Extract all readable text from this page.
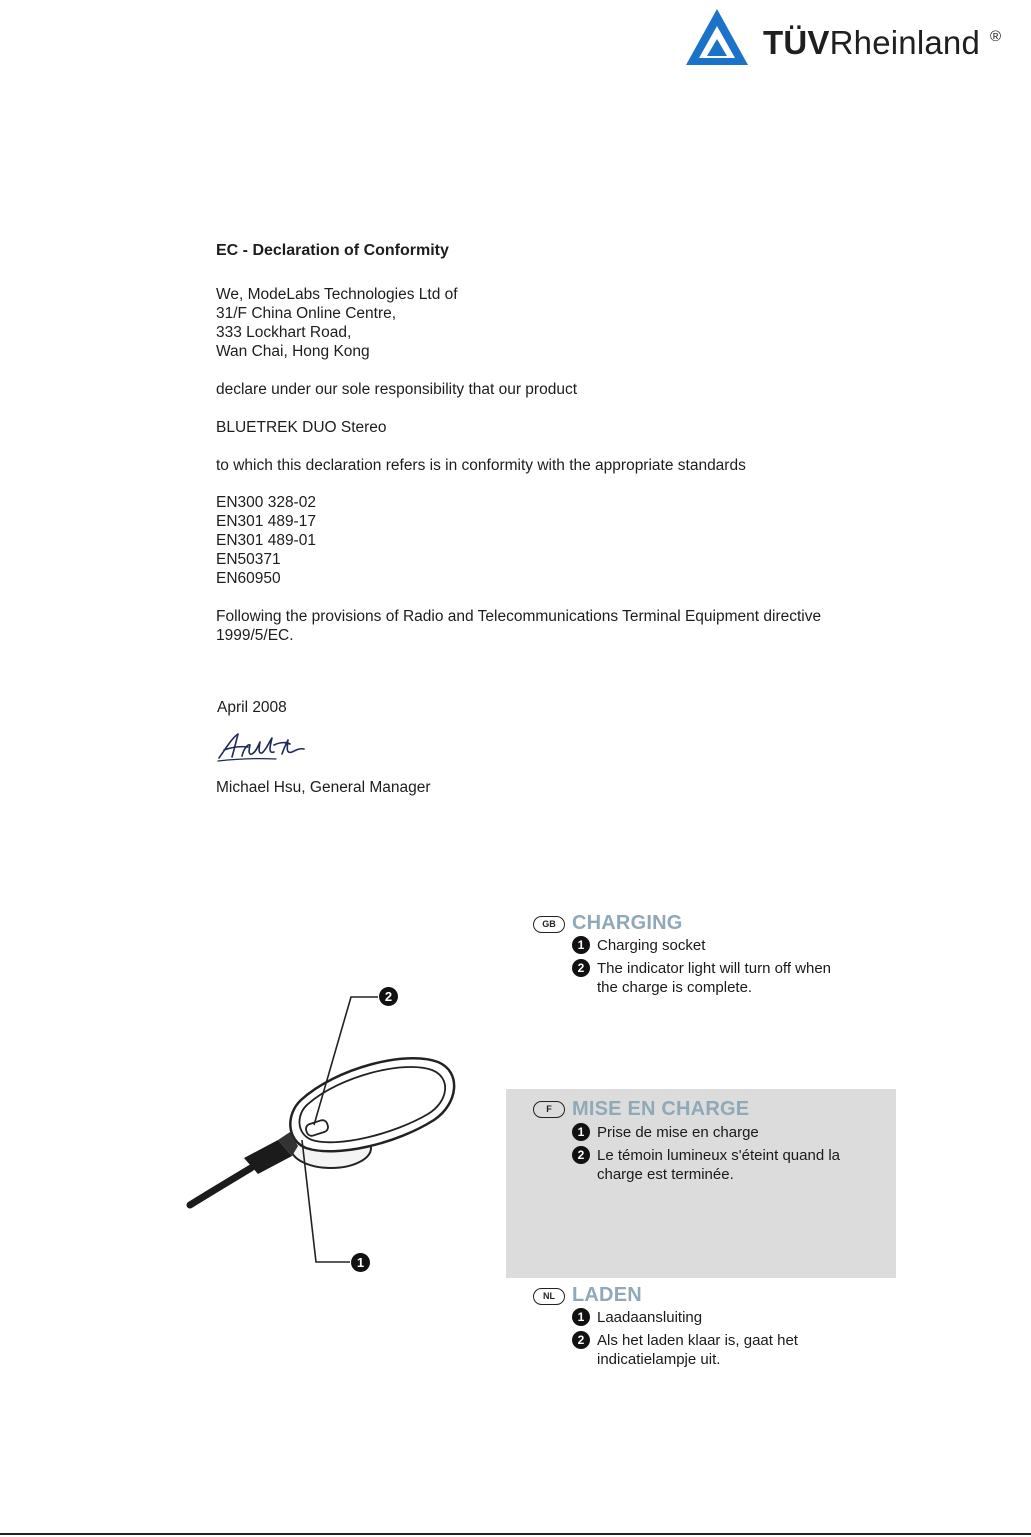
TÜVRheinland ®
EC - Declaration of Conformity
We, ModeLabs Technologies Ltd of
31/F China Online Centre,
333 Lockhart Road,
Wan Chai, Hong Kong
declare under our sole responsibility that our product
BLUETREK DUO Stereo
to which this declaration refers is in conformity with the appropriate standards
EN300 328-02
EN301 489-17
EN301 489-01
EN50371
EN60950
Following the provisions of Radio and Telecommunications Terminal Equipment directive
1999/5/EC.
April 2008
Michael Hsu, General Manager
2
1
GB CHARGING
1 Charging socket
2 The indicator light will turn off when
the charge is complete.
F	MISE EN CHARGE
1 Prise de mise en charge
2 Le témoin lumineux s'éteint quand la
charge est terminée.
NL LADEN
1 Laadaansluiting
2 Als het laden klaar is, gaat het
indicatielampje uit.
